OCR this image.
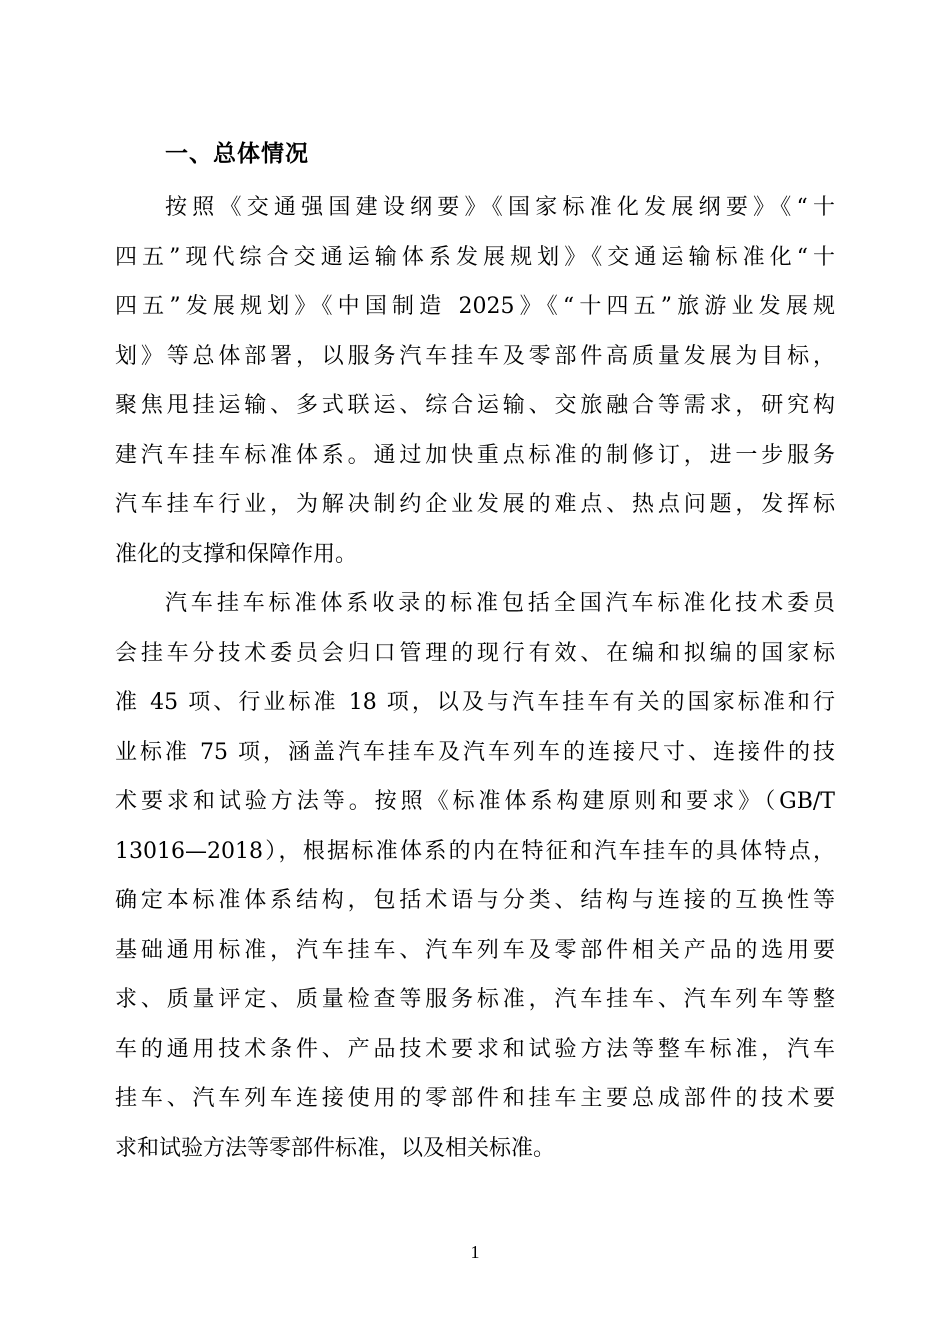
一、总体情况
按照《交通强国建设纲要》《国家标准化发展纲要》《“十
四五”现代综合交通运输体系发展规划》《交通运输标准化“十
四五”发展规划》《中国制造 2025》《“十四五”旅游业发展规
划》等总体部署，以服务汽车挂车及零部件高质量发展为目标，
聚焦甩挂运输、多式联运、综合运输、交旅融合等需求，研究构
建汽车挂车标准体系。通过加快重点标准的制修订，进一步服务
汽车挂车行业，为解决制约企业发展的难点、热点问题，发挥标
准化的支撑和保障作用。
汽车挂车标准体系收录的标准包括全国汽车标准化技术委员
会挂车分技术委员会归口管理的现行有效、在编和拟编的国家标
准 45 项、行业标准 18 项，以及与汽车挂车有关的国家标准和行
业标准 75 项，涵盖汽车挂车及汽车列车的连接尺寸、连接件的技
术要求和试验方法等。按照《标准体系构建原则和要求》（GB/T
13016—2018），根据标准体系的内在特征和汽车挂车的具体特点，
确定本标准体系结构，包括术语与分类、结构与连接的互换性等
基础通用标准，汽车挂车、汽车列车及零部件相关产品的选用要
求、质量评定、质量检查等服务标准，汽车挂车、汽车列车等整
车的通用技术条件、产品技术要求和试验方法等整车标准，汽车
挂车、汽车列车连接使用的零部件和挂车主要总成部件的技术要
求和试验方法等零部件标准，以及相关标准。
1
